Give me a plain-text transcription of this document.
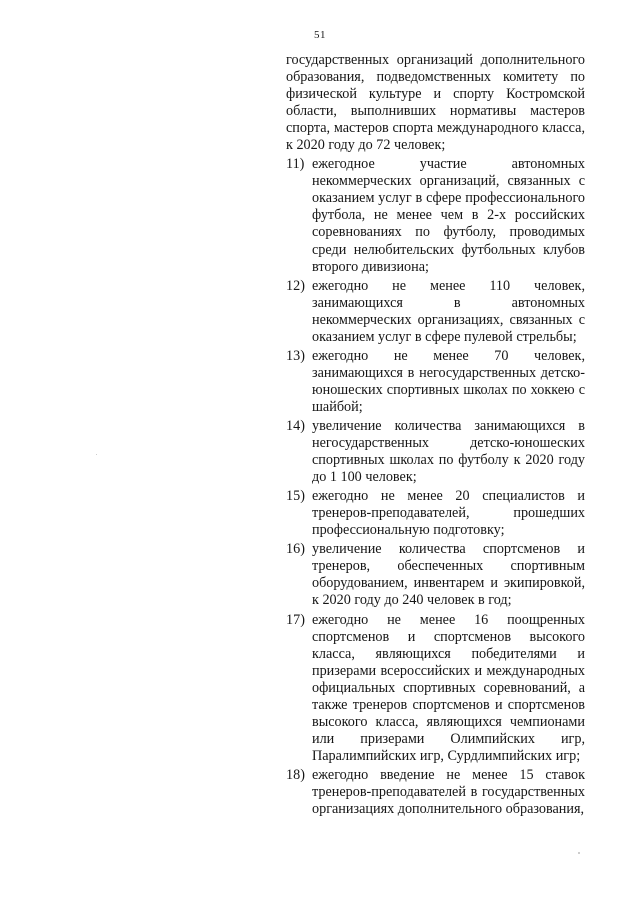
51
государственных организаций дополнительного образования, подведомственных комитету по физической культуре и спорту Костромской области, выполнивших нормативы мастеров спорта, мастеров спорта международного класса, к 2020 году до 72 человек;
11) ежегодное участие автономных некоммерческих организаций, связанных с оказанием услуг в сфере профессионального футбола, не менее чем в 2-х российских соревнованиях по футболу, проводимых среди нелюбительских футбольных клубов второго дивизиона;
12) ежегодно не менее 110 человек, занимающихся в автономных некоммерческих организациях, связанных с оказанием услуг в сфере пулевой стрельбы;
13) ежегодно не менее 70 человек, занимающихся в негосударственных детско-юношеских спортивных школах по хоккею с шайбой;
14) увеличение количества занимающихся в негосударственных детско-юношеских спортивных школах по футболу к 2020 году до 1 100 человек;
15) ежегодно не менее 20 специалистов и тренеров-преподавателей, прошедших профессиональную подготовку;
16) увеличение количества спортсменов и тренеров, обеспеченных спортивным оборудованием, инвентарем и экипировкой, к 2020 году до 240 человек в год;
17) ежегодно не менее 16 поощренных спортсменов и спортсменов высокого класса, являющихся победителями и призерами всероссийских и международных официальных спортивных соревнований, а также тренеров спортсменов и спортсменов высокого класса, являющихся чемпионами или призерами Олимпийских игр, Паралимпийских игр, Сурдлимпийских игр;
18) ежегодно введение не менее 15 ставок тренеров-преподавателей в государственных организациях дополнительного образования,
